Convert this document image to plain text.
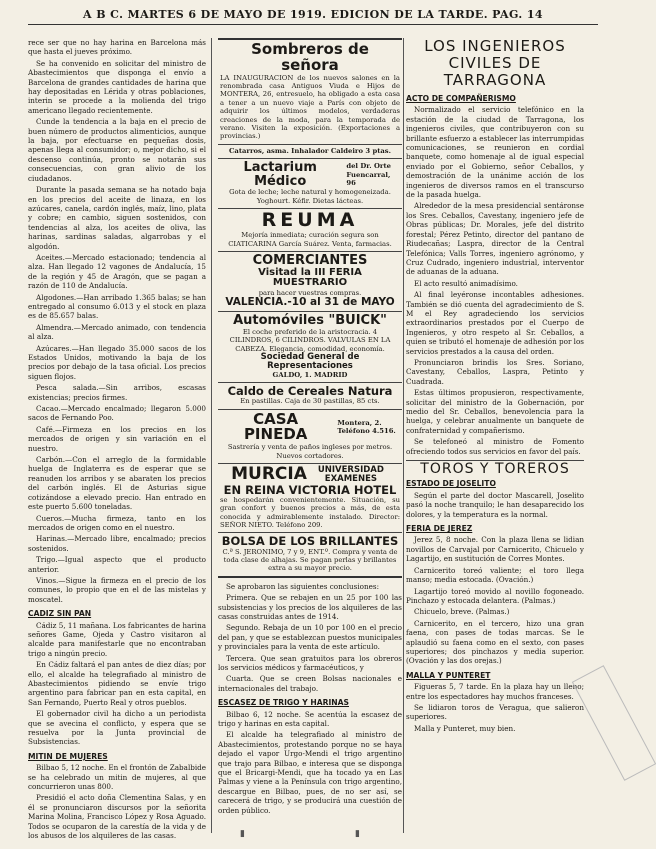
A B C. MARTES 6 DE MAYO DE 1919. EDICION DE LA TARDE. PAG. 14

rece ser que no hay harina en Barcelona más que hasta el jueves próximo.

Se ha convenido en solicitar del ministro de Abastecimientos que disponga el envío a Barcelona de grandes cantidades de harina que hay depositadas en Lérida y otras poblaciones, interin se procede a la molienda del trigo americano llegado recientemente.

Cunde la tendencia a la baja en el precio de buen número de productos alimenticios, aunque la baja, por efectuarse en pequeñas dosis, apenas llega al consumidor; o, mejor dicho, si el descenso continúa, pronto se notarán sus consecuencias, con gran alivio de los ciudadanos.

Durante la pasada semana se ha notado baja en los precios del aceite de linaza, en los azúcares, canela, cardón inglés, maíz, lino, plata y cobre; en cambio, siguen sostenidos, con tendencias al alza, los aceites de oliva, las harinas, sardinas saladas, algarrobas y el algodón.

Aceites.—Mercado estacionado; tendencia al alza. Han llegado 12 vagones de Andalucía, 15 de la región y 45 de Aragón, que se pagan a razón de 110 de Andalucía.

Algodones.—Han arribado 1.365 balas; se han entregado al consumo 6.013 y el stock en plaza es de 85.657 balas.

Almendra.—Mercado animado, con tendencia al alza.

Azúcares.—Han llegado 35.000 sacos de los Estados Unidos, motivando la baja de los precios por debajo de la tasa oficial. Los precios siguen flojos.

Pesca salada.—Sin arribos, escasas existencias; precios firmes.

Cacao.—Mercado encalmado; llegaron 5.000 sacos de Fernando Poo.

Café.—Firmeza en los precios en los mercados de origen y sin variación en el nuestro.

Carbón.—Con el arreglo de la formidable huelga de Inglaterra es de esperar que se reanuden los arribos y se abaraten los precios del carbón inglés. El de Asturias sigue cotizándose a elevado precio. Han entrado en este puerto 5.600 toneladas.

Cueros.—Mucha firmeza, tanto en los mercados de origen como en el nuestro.

Harinas.—Mercado libre, encalmado; precios sostenidos.

Trigo.—Igual aspecto que el producto anterior.

Vinos.—Sigue la firmeza en el precio de los comunes, lo propio que en el de las mistelas y moscatel.

CADIZ SIN PAN

Cádiz 5, 11 mañana. Los fabricantes de harina señores Game, Ojeda y Castro visitaron al alcalde para manifestarle que no encontraban trigo a ningún precio.

En Cádiz faltará el pan antes de diez días; por ello, el alcalde ha telegrafiado al ministro de Abastecimientos pidiendo se envíe trigo argentino para fabricar pan en esta capital, en San Fernando, Puerto Real y otros pueblos.

El gobernador civil ha dicho a un periodista que se avecina el conflicto, y espera que se resuelva por la Junta provincial de Subsistencias.

MITIN DE MUJERES

Bilbao 5, 12 noche. En el frontón de Zabalbide se ha celebrado un mitin de mujeres, al que concurrieron unas 800.

Presidió el acto doña Clementina Salas, y en él se pronunciaron discursos por la señorita Marina Molina, Francisco López y Rosa Aguado. Todos se ocuparon de la carestía de la vida y de los abusos de los alquileres de las casas.

Sombreros de señora
LA INAUGURACION de los nuevos salones en la renombrada casa Antiguos Viuda e Hijos de MONTERA, 26, entresuelo, ha obligado a esta casa a tener a un nuevo viaje a París con objeto de adquirir los últimos modelos, verdaderas creaciones de la moda, para la temporada de verano. Visiten la exposición. (Exportaciones a provincias.)
Catarros, asma. Inhalador Caldeiro 3 ptas.
Lactarium Médico
del Dr. Orte Fuencarral, 96
Gota de leche; leche natural y homogeneizada. Yoghourt. Kéfir. Dietas lácteas.
REUMA
Mejoría inmediata; curación segura son CIATICARINA García Suárez. Venta, farmacias.
COMERCIANTES
Visitad la III FERIA MUESTRARIO
para hacer vuestras compras.
VALENCIA.-10 al 31 de MAYO
Automóviles "BUICK"
El coche preferido de la aristocracia. 4 CILINDROS, 6 CILINDROS. VALVULAS EN LA CABEZA. Elegancia, comodidad, economía.
Sociedad General de Representaciones
GALDO, 1. MADRID
Caldo de Cereales Natura
En pastillas. Caja de 30 pastillas, 85 cts.
CASA PINEDA
Montera, 2. Teléfono 4.516.
Sastrería y venta de paños ingleses por metros. Nuevos cortadores.
MURCIA	UNIVERSIDAD EXAMENES
EN REINA VICTORIA HOTEL
se hospedarán convenientemente. Situación, su gran confort y buenos precios a más, de esta conocida y admirablemente instalado. Director: SEÑOR NIETO. Teléfono 209.
BOLSA DE LOS BRILLANTES
C.ª S. JERONIMO, 7 y 9, ENT.º. Compra y venta de toda clase de alhajas. Se pagan perlas y brillantes extra a su mayor precio.

Se aprobaron las siguientes conclusiones:

Primera. Que se rebajen en un 25 por 100 las subsistencias y los precios de los alquileres de las casas construidas antes de 1914.

Segundo. Rebaja de un 10 por 100 en el precio del pan, y que se establezcan puestos municipales y provinciales para la venta de este artículo.

Tercera. Que sean gratuitos para los obreros los servicios médicos y farmacéuticos, y

Cuarta. Que se creen Bolsas nacionales e internacionales del trabajo.

ESCASEZ DE TRIGO Y HARINAS

Bilbao 6, 12 noche. Se acentúa la escasez de trigo y harinas en esta capital.

El alcalde ha telegrafiado al ministro de Abastecimientos, protestando porque no se haya dejado el vapor Urgo-Mendi el trigo argentino que trajo para Bilbao, e interesa que se disponga que el Bricargi-Mendi, que ha tocado ya en Las Palmas y viene a la Península con trigo argentino, descargue en Bilbao, pues, de no ser así, se carecerá de trigo, y se producirá una cuestión de orden público.

LOS INGENIEROS CIVILES DE TARRAGONA
ACTO DE COMPAÑERISMO

Normalizado el servicio telefónico en la estación de la ciudad de Tarragona, los ingenieros civiles, que contribuyeron con su brillante esfuerzo a establecer las interrumpidas comunicaciones, se reunieron en cordial banquete, como homenaje al de igual especial enviado por el Gobierno, señor Ceballos, y demostración de la unánime acción de los ingenieros de diversos ramos en el transcurso de la pasada huelga.

Alrededor de la mesa presidencial sentáronse los Sres. Ceballos, Cavestany, ingeniero jefe de Obras públicas; Dr. Morales, jefe del distrito forestal; Pérez Petinto, director del pantano de Riudecañas; Laspra, director de la Central Telefónica; Valls Torres, ingeniero agrónomo, y Cruz Cudrado, ingeniero industrial, interventor de aduanas de la aduana.

El acto resultó animadísimo.

Al final leyéronse incontables adhesiones. También se dió cuenta del agradecimiento de S. M el Rey agradeciendo los servicios extraordinarios prestados por el Cuerpo de Ingenieros, y otro respeto al Sr. Ceballos, a quien se tributó el homenaje de adhesión por los servicios prestados a la causa del orden.

Pronunciaron brindis los Sres. Soriano, Cavestany, Ceballos, Laspra, Petinto y Cuadrada.

Estas últimos propusieron, respectivamente, solicitar del ministro de la Gobernación, por medio del Sr. Ceballos, benevolencia para la huelga, y celebrar anualmente un banquete de confraternidad y compañerismo.

Se telefoneó al ministro de Fomento ofreciendo todos sus servicios en favor del país.

TOROS Y TOREROS
ESTADO DE JOSELITO

Según el parte del doctor Mascarell, Joselito pasó la noche tranquilo; le han desaparecido los dolores, y la temperatura es la normal.

FERIA DE JEREZ

Jerez 5, 8 noche. Con la plaza llena se lidian novillos de Carvajal por Carnicerito, Chicuelo y Lagartijo, en sustitución de Corres Montes.

Carnicerito toreó valiente; el toro llega manso; media estocada. (Ovación.)

Lagartijo toreó movido al novillo fogoneado. Pinchazo y estocada delantera. (Palmas.)

Chicuelo, breve. (Palmas.)

Carnicerito, en el tercero, hizo una gran faena, con pases de todas marcas. Se le aplaudió su faena como en el sexto, con pases superiores; dos pinchazos y media superior. (Ovación y las dos orejas.)

MALLA Y PUNTERET

Figueras 5, 7 tarde. En la plaza hay un lleno; entre los espectadores hay muchos franceses.

Se lidiaron toros de Veragua, que salieron superiores.

Malla y Punteret, muy bien.

▮	▮
